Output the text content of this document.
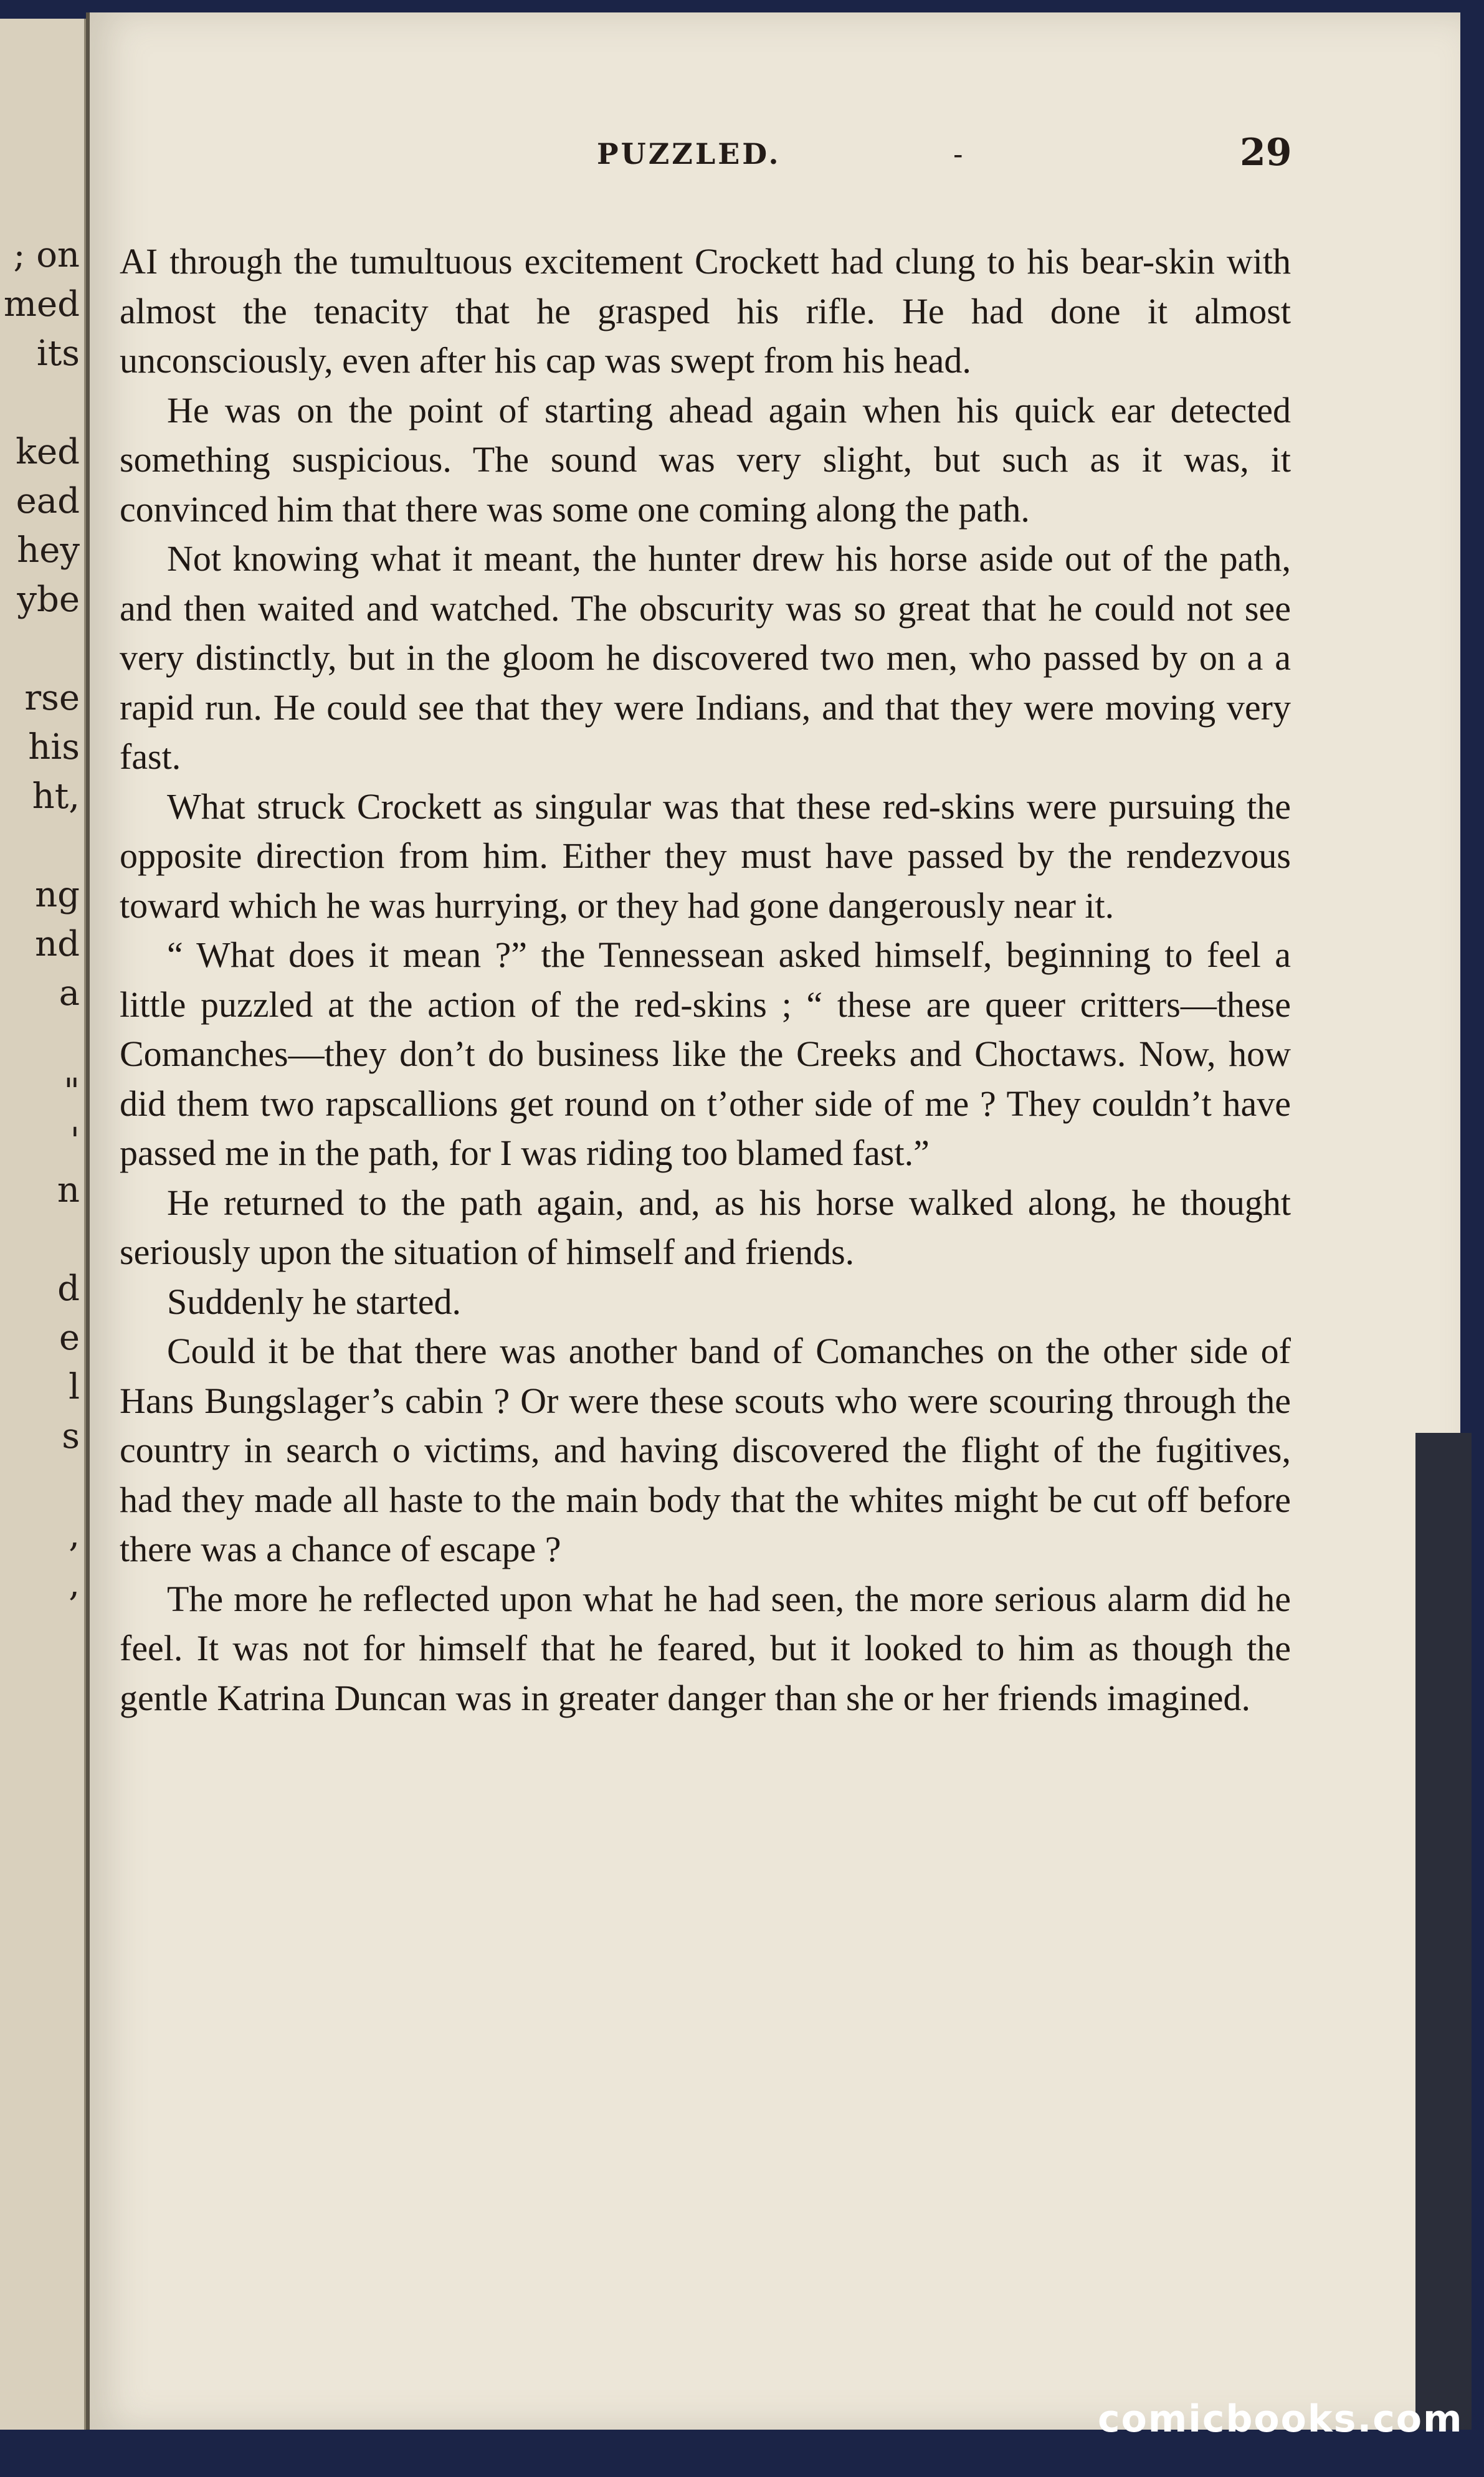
; on
med
its

ked
ead
hey
ybe

rse
his
ht,

ng
nd
a

"
'
n

d
e
l
s

,
,
PUZZLED.	-	29

AI through the tumultuous excitement Crockett had clung to his bear-skin with almost the tenacity that he grasped his rifle. He had done it almost unconsciously, even after his cap was swept from his head.

He was on the point of starting ahead again when his quick ear detected something suspicious. The sound was very slight, but such as it was, it convinced him that there was some one coming along the path.

Not knowing what it meant, the hunter drew his horse aside out of the path, and then waited and watched. The obscurity was so great that he could not see very distinctly, but in the gloom he discovered two men, who passed by on a a rapid run. He could see that they were Indians, and that they were moving very fast.

What struck Crockett as singular was that these red-skins were pursuing the opposite direction from him. Either they must have passed by the rendezvous toward which he was hurrying, or they had gone dangerously near it.

“ What does it mean ?” the Tennessean asked himself, beginning to feel a little puzzled at the action of the red-skins ; “ these are queer critters—these Comanches—they don’t do business like the Creeks and Choctaws. Now, how did them two rapscallions get round on t’other side of me ? They couldn’t have passed me in the path, for I was riding too blamed fast.”

He returned to the path again, and, as his horse walked along, he thought seriously upon the situation of himself and friends.

Suddenly he started.

Could it be that there was another band of Comanches on the other side of Hans Bungslager’s cabin ? Or were these scouts who were scouring through the country in search o victims, and having discovered the flight of the fugitives, had they made all haste to the main body that the whites might be cut off before there was a chance of escape ?

The more he reflected upon what he had seen, the more serious alarm did he feel. It was not for himself that he feared, but it looked to him as though the gentle Katrina Duncan was in greater danger than she or her friends imagined.

comicbooks.com
